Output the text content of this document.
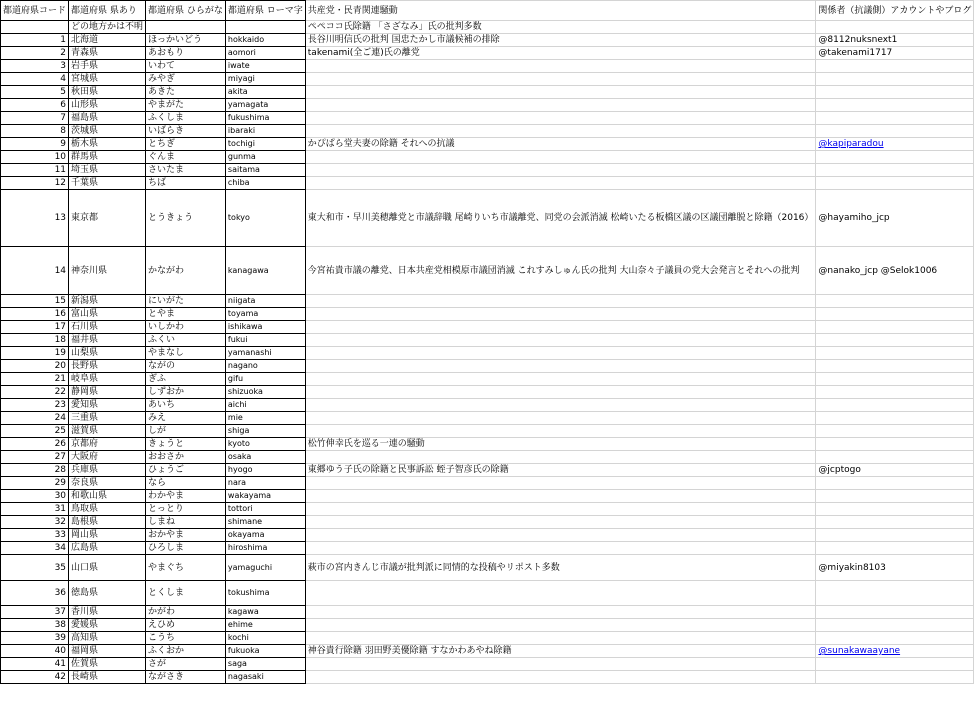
都道府県コード	都道府県 県あり	都道府県 ひらがな	都道府県 ローマ字	共産党・民青関連騒動	関係者（抗議側）アカウントやブログ
	どの地方かは不明			ペペココ氏除籍 「さざなみ」氏の批判多数	
1	北海道	ほっかいどう	hokkaido	長谷川明信氏の批判 国忠たかし市議候補の排除	@8112nuksnext1
2	青森県	あおもり	aomori	takenami(全ご連)氏の離党	@takenami1717
3	岩手県	いわて	iwate		
4	宮城県	みやぎ	miyagi		
5	秋田県	あきた	akita		
6	山形県	やまがた	yamagata		
7	福島県	ふくしま	fukushima		
8	茨城県	いばらき	ibaraki		
9	栃木県	とちぎ	tochigi	かぴぱら堂夫妻の除籍 それへの抗議	@kapiparadou
10	群馬県	ぐんま	gunma		
11	埼玉県	さいたま	saitama		
12	千葉県	ちば	chiba		
13	東京都	とうきょう	tokyo	東大和市・早川美穂離党と市議辞職 尾崎りいち市議離党、同党の会派消滅 松崎いたる板橋区議の区議団離脱と除籍（2016）	@hayamiho_jcp
14	神奈川県	かながわ	kanagawa	今宮祐貴市議の離党、日本共産党相模原市議団消滅 これすみしゅん氏の批判 大山奈々子議員の党大会発言とそれへの批判	@nanako_jcp @Selok1006
15	新潟県	にいがた	niigata		
16	富山県	とやま	toyama		
17	石川県	いしかわ	ishikawa		
18	福井県	ふくい	fukui		
19	山梨県	やまなし	yamanashi		
20	長野県	ながの	nagano		
21	岐阜県	ぎふ	gifu		
22	静岡県	しずおか	shizuoka		
23	愛知県	あいち	aichi		
24	三重県	みえ	mie		
25	滋賀県	しが	shiga		
26	京都府	きょうと	kyoto	松竹伸幸氏を巡る一連の騒動	
27	大阪府	おおさか	osaka		
28	兵庫県	ひょうご	hyogo	東郷ゆう子氏の除籍と民事訴訟 蛭子智彦氏の除籍	@jcptogo
29	奈良県	なら	nara		
30	和歌山県	わかやま	wakayama		
31	鳥取県	とっとり	tottori		
32	島根県	しまね	shimane		
33	岡山県	おかやま	okayama		
34	広島県	ひろしま	hiroshima		
35	山口県	やまぐち	yamaguchi	萩市の宮内きんじ市議が批判派に同情的な投稿やリポスト多数	@miyakin8103
36	徳島県	とくしま	tokushima		
37	香川県	かがわ	kagawa		
38	愛媛県	えひめ	ehime		
39	高知県	こうち	kochi		
40	福岡県	ふくおか	fukuoka	神谷貴行除籍 羽田野美優除籍 すなかわあやね除籍	@sunakawaayane
41	佐賀県	さが	saga		
42	長崎県	ながさき	nagasaki		
